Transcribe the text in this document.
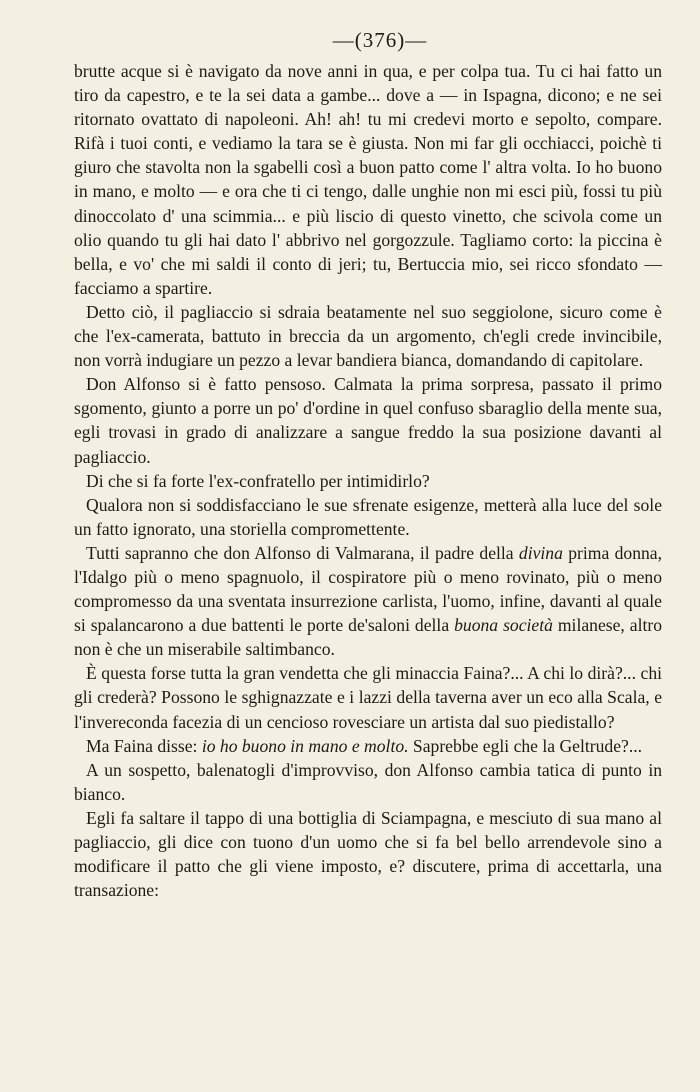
—(376)—

brutte acque si è navigato da nove anni in qua, e per colpa tua. Tu ci hai fatto un tiro da capestro, e te la sei data a gambe... dove a — in Ispagna, dicono; e ne sei ritornato ovattato di napoleoni. Ah! ah! tu mi credevi morto e sepolto, compare. Rifà i tuoi conti, e vediamo la tara se è giusta. Non mi far gli occhiacci, poichè ti giuro che stavolta non la sgabelli così a buon patto come l' altra volta. Io ho buono in mano, e molto — e ora che ti ci tengo, dalle unghie non mi esci più, fossi tu più dinoccolato d' una scimmia... e più liscio di questo vinetto, che scivola come un olio quando tu gli hai dato l' abbrivo nel gorgozzule. Tagliamo corto: la piccina è bella, e vo' che mi saldi il conto di jeri; tu, Bertuccia mio, sei ricco sfondato — facciamo a spartire.

Detto ciò, il pagliaccio si sdraia beatamente nel suo seggiolone, sicuro come è che l'ex-camerata, battuto in breccia da un argomento, ch'egli crede invincibile, non vorrà indugiare un pezzo a levar bandiera bianca, domandando di capitolare.

Don Alfonso si è fatto pensoso. Calmata la prima sorpresa, passato il primo sgomento, giunto a porre un po' d'ordine in quel confuso sbaraglio della mente sua, egli trovasi in grado di analizzare a sangue freddo la sua posizione davanti al pagliaccio.

Di che si fa forte l'ex-confratello per intimidirlo?

Qualora non si soddisfacciano le sue sfrenate esigenze, metterà alla luce del sole un fatto ignorato, una storiella compromettente.

Tutti sapranno che don Alfonso di Valmarana, il padre della divina prima donna, l'Idalgo più o meno spagnuolo, il cospiratore più o meno rovinato, più o meno compromesso da una sventata insurrezione carlista, l'uomo, infine, davanti al quale si spalancarono a due battenti le porte de'saloni della buona società milanese, altro non è che un miserabile saltimbanco.

È questa forse tutta la gran vendetta che gli minaccia Faina?... A chi lo dirà?... chi gli crederà? Possono le sghignazzate e i lazzi della taverna aver un eco alla Scala, e l'invereconda facezia di un cencioso rovesciare un artista dal suo piedistallo?

Ma Faina disse: io ho buono in mano e molto. Saprebbe egli che la Geltrude?...

A un sospetto, balenatogli d'improvviso, don Alfonso cambia tatica di punto in bianco.

Egli fa saltare il tappo di una bottiglia di Sciampagna, e mesciuto di sua mano al pagliaccio, gli dice con tuono d'un uomo che si fa bel bello arrendevole sino a modificare il patto che gli viene imposto, e? discutere, prima di accettarla, una transazione:
